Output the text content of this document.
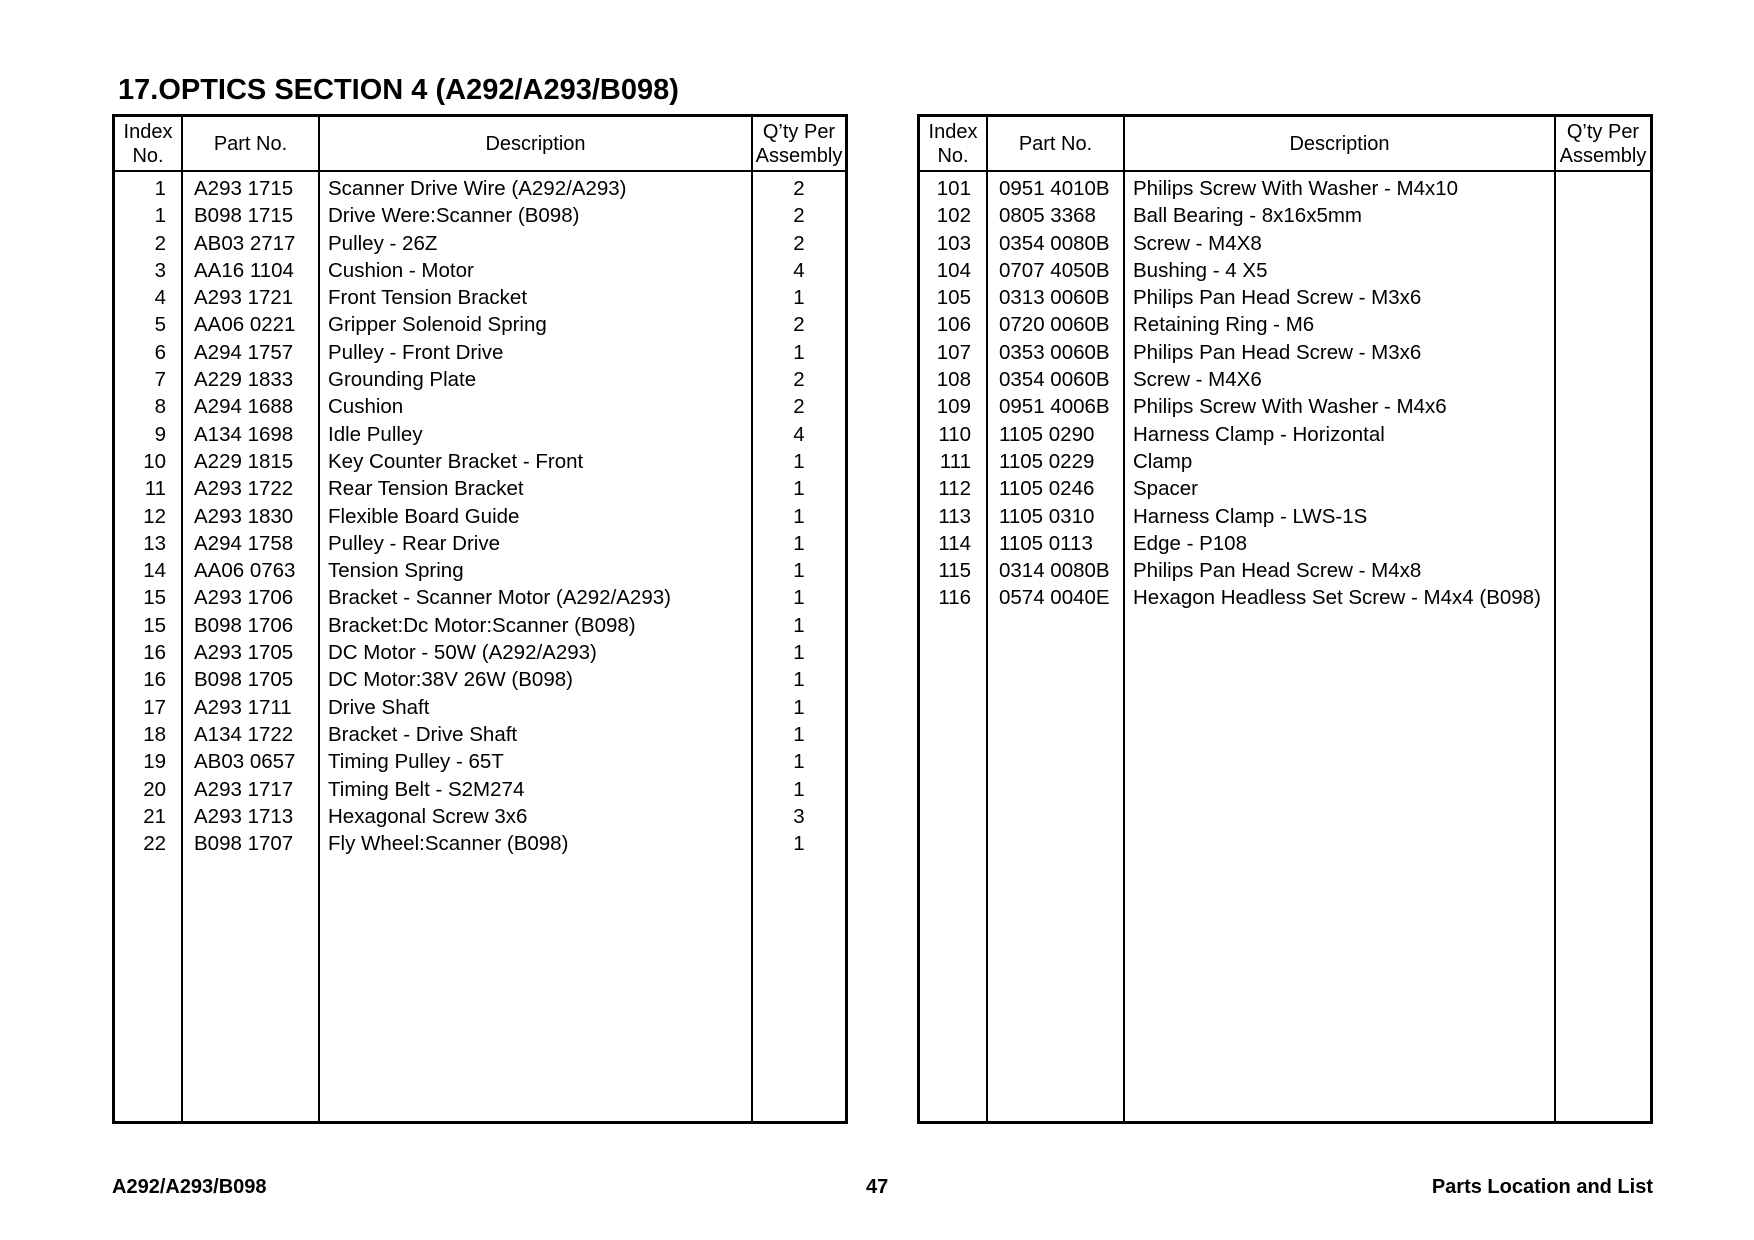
17.OPTICS SECTION 4 (A292/A293/B098)
Index
No.
Part No.	Description
Q’ty Per
Assembly
1 A293 1715	Scanner Drive Wire (A292/A293)	2
1 B098 1715	Drive Were:Scanner (B098)	2
2 AB03 2717	Pulley - 26Z	2
3 AA16 1104	Cushion - Motor	4
4 A293 1721	Front Tension Bracket	1
5 AA06 0221	Gripper Solenoid Spring	2
6 A294 1757	Pulley - Front Drive	1
7 A229 1833	Grounding Plate	2
8 A294 1688	Cushion	2
9 A134 1698	Idle Pulley	4
10 A229 1815	Key Counter Bracket - Front	1
11 A293 1722	Rear Tension Bracket	1
12 A293 1830	Flexible Board Guide	1
13 A294 1758	Pulley - Rear Drive	1
14 AA06 0763	Tension Spring	1
15 A293 1706	Bracket - Scanner Motor (A292/A293)	1
15 B098 1706	Bracket:Dc Motor:Scanner (B098)	1
16 A293 1705	DC Motor - 50W (A292/A293)	1
16 B098 1705	DC Motor:38V 26W (B098)	1
17 A293 1711	Drive Shaft	1
18 A134 1722	Bracket - Drive Shaft	1
19 AB03 0657	Timing Pulley - 65T	1
20 A293 1717	Timing Belt - S2M274	1
21 A293 1713	Hexagonal Screw 3x6	3
22 B098 1707	Fly Wheel:Scanner (B098)	1
Index
No.
Part No.	Description
Q’ty Per
Assembly
101 0951 4010B	Philips Screw With Washer - M4x10
102 0805 3368	Ball Bearing - 8x16x5mm
103 0354 0080B	Screw - M4X8
104 0707 4050B	Bushing - 4 X5
105 0313 0060B	Philips Pan Head Screw - M3x6
106 0720 0060B	Retaining Ring - M6
107 0353 0060B	Philips Pan Head Screw - M3x6
108 0354 0060B	Screw - M4X6
109 0951 4006B	Philips Screw With Washer - M4x6
110 1105 0290	Harness Clamp - Horizontal
111 1105 0229	Clamp
112 1105 0246	Spacer
113 1105 0310	Harness Clamp - LWS-1S
114 1105 0113	Edge - P108
115 0314 0080B	Philips Pan Head Screw - M4x8
116 0574 0040E	Hexagon Headless Set Screw - M4x4 (B098)
A292/A293/B098	47	Parts Location and List
